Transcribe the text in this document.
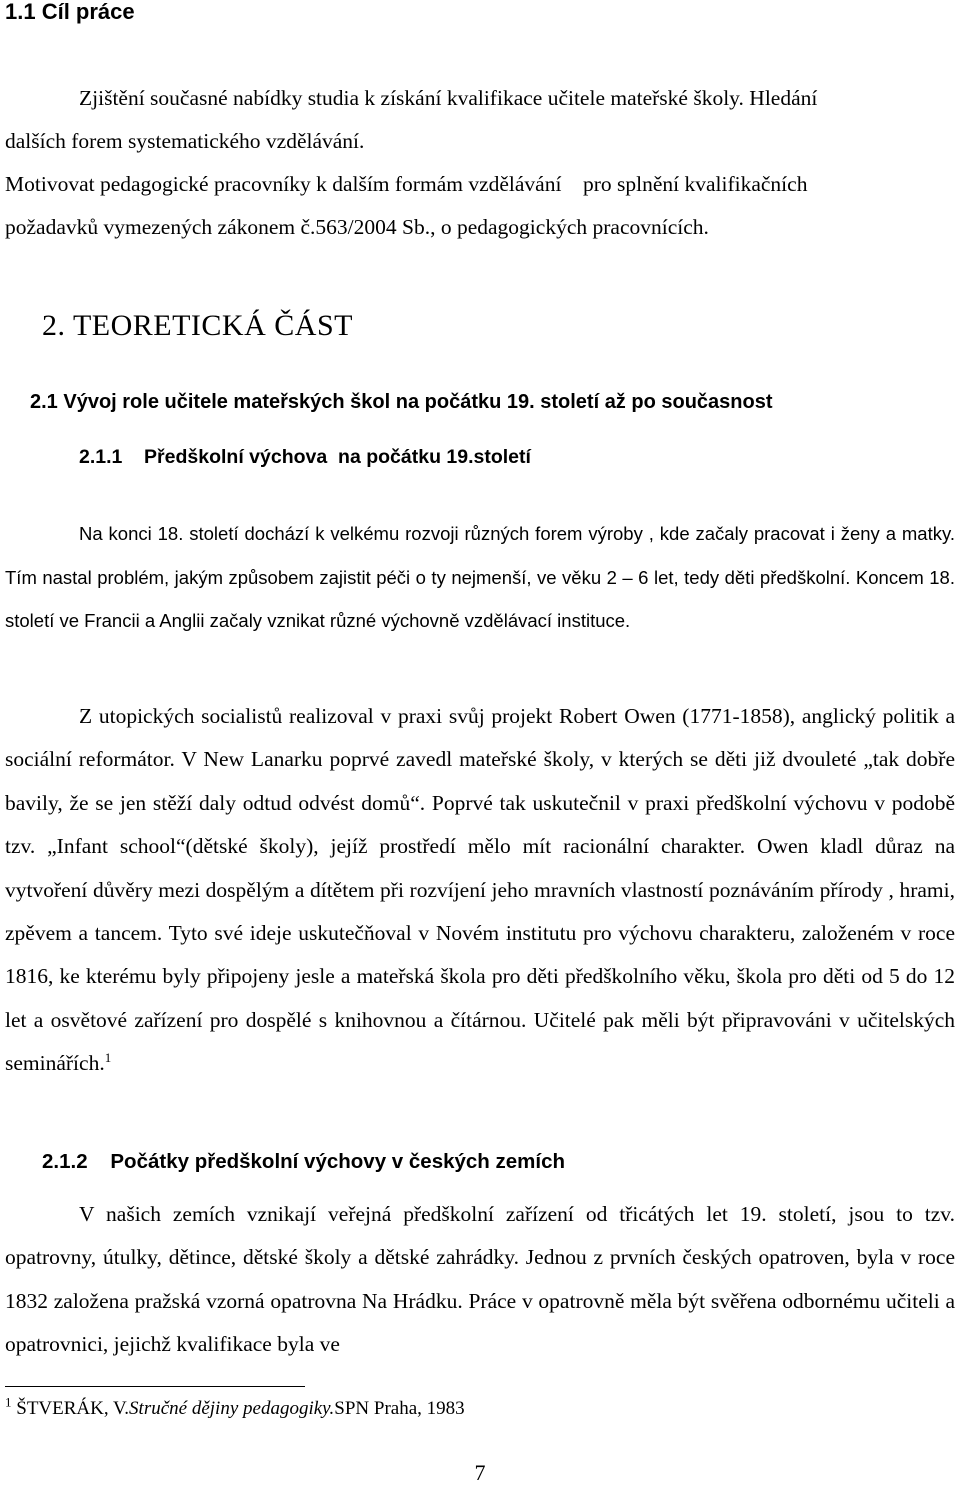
1.1 Cíl práce
Zjištění současné nabídky studia k získání kvalifikace učitele mateřské školy. Hledání
dalších forem systematického vzdělávání.
Motivovat pedagogické pracovníky k dalším formám vzdělávání    pro splnění kvalifikačních
požadavků vymezených zákonem č.563/2004 Sb., o pedagogických pracovnících.
2. TEORETICKÁ ČÁST
2.1 Vývoj role učitele mateřských škol na počátku 19. století až po současnost
2.1.1    Předškolní výchova  na počátku 19.století
Na konci 18. století dochází k velkému rozvoji různých forem výroby , kde začaly pracovat i ženy a matky. Tím nastal problém, jakým způsobem zajistit péči o ty nejmenší, ve věku 2 – 6 let, tedy děti předškolní. Koncem 18. století ve Francii a Anglii začaly vznikat různé výchovně vzdělávací instituce.
Z utopických socialistů realizoval v praxi svůj projekt Robert Owen (1771-1858), anglický politik a sociální reformátor. V New Lanarku poprvé zavedl mateřské školy, v kterých se děti již dvouleté „tak dobře bavily, že se jen stěží daly odtud odvést domů“. Poprvé tak uskutečnil v praxi předškolní výchovu v podobě tzv. „Infant school“(dětské školy), jejíž prostředí mělo mít racionální charakter. Owen kladl důraz na vytvoření důvěry mezi dospělým a dítětem při rozvíjení jeho mravních vlastností poznáváním přírody , hrami, zpěvem a tancem. Tyto své ideje uskutečňoval v Novém institutu pro výchovu charakteru, založeném v roce 1816, ke kterému byly připojeny jesle a mateřská škola pro děti předškolního věku, škola pro děti od 5 do 12 let a osvětové zařízení pro dospělé s knihovnou a čítárnou. Učitelé pak měli být připravováni v učitelských seminářích.$^1$
2.1.2    Počátky předškolní výchovy v českých zemích
V našich zemích vznikají veřejná předškolní zařízení od třicátých let 19. století, jsou to tzv. opatrovny, útulky, dětince, dětské školy a dětské zahrádky. Jednou z prvních českých opatroven, byla v roce 1832 založena pražská vzorná opatrovna Na Hrádku. Práce v opatrovně měla být svěřena odbornému učiteli a opatrovnici, jejichž kvalifikace byla ve
$^1$ ŠTVERÁK, V.Stručné dějiny pedagogiky.SPN Praha, 1983
7
